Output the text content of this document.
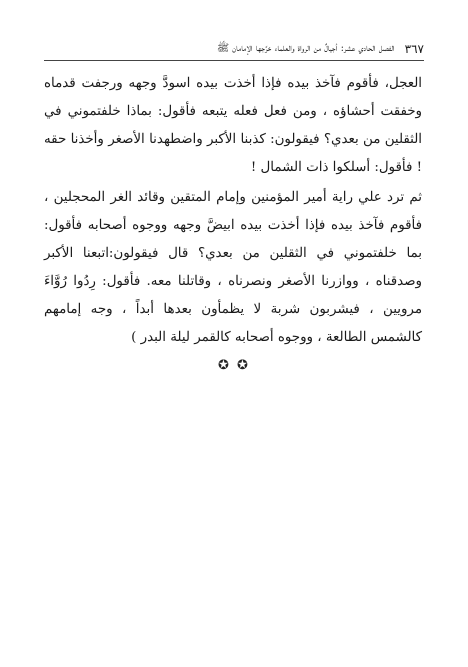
٣٦٧
الفصل الحادي عشر: أجيالٌ من الرواة والعلماء خرَّجها الإمامان ﷺ

العجل، فأقوم فآخذ بيده فإذا أخذت بيده اسودَّ وجهه ورجفت قدماه وخفقت أحشاؤه ، ومن فعل فعله يتبعه فأقول: بماذا خلفتموني في الثقلين من بعدي؟ فيقولون: كذبنا الأكبر واضطهدنا الأصغر وأخذنا حقه ! فأقول: أسلكوا ذات الشمال !

ثم ترد علي راية أمير المؤمنين وإمام المتقين وقائد الغر المحجلين ، فأقوم فآخذ بيده فإذا أخذت بيده ابيضَّ وجهه ووجوه أصحابه فأقول: بما خلفتموني في الثقلين من بعدي؟ قال فيقولون:اتبعنا الأكبر وصدقناه ، ووازرنا الأصغر ونصرناه ، وقاتلنا معه. فأقول: رِدُوا رُوَّاءَ مرويين ، فيشربون شربة لا يظمأون بعدها أبداً ، وجه إمامهم كالشمس الطالعة ، ووجوه أصحابه كالقمر ليلة البدر )

✪ ✪
